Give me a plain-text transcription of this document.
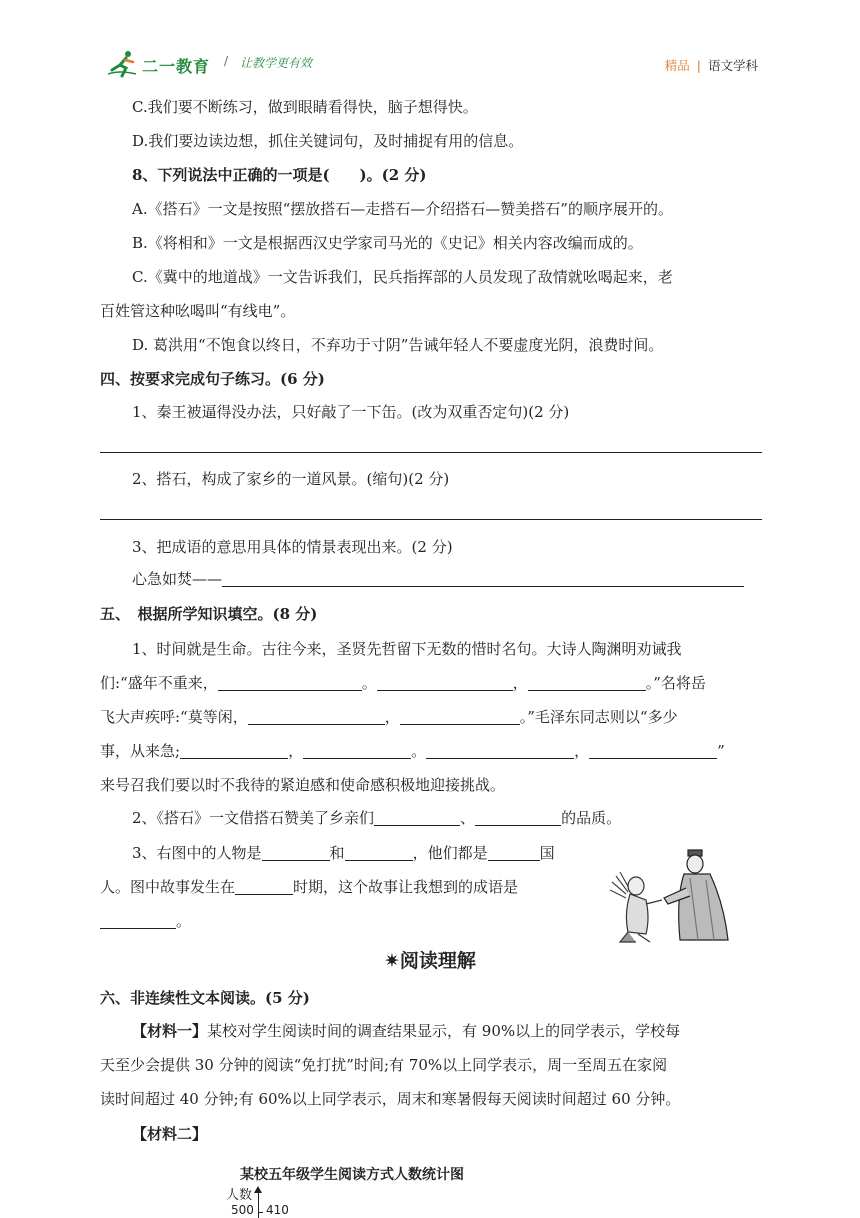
二一教育 / 让教学更有效	精品 | 语文学科
C.我们要不断练习，做到眼睛看得快，脑子想得快。
D.我们要边读边想，抓住关键词句，及时捕捉有用的信息。
8、下列说法中正确的一项是(　　)。(2 分)
A.《搭石》一文是按照“摆放搭石—走搭石—介绍搭石—赞美搭石”的顺序展开的。
B.《将相和》一文是根据西汉史学家司马光的《史记》相关内容改编而成的。
C.《冀中的地道战》一文告诉我们，民兵指挥部的人员发现了敌情就吆喝起来，老
百姓管这种吆喝叫“有线电”。
D. 葛洪用“不饱食以终日，不弃功于寸阴”告诫年轻人不要虚度光阴，浪费时间。
四、按要求完成句子练习。(6 分)
1、秦王被逼得没办法，只好敲了一下缶。(改为双重否定句)(2 分)
2、搭石，构成了家乡的一道风景。(缩句)(2 分)
3、把成语的意思用具体的情景表现出来。(2 分)
心急如焚——
五、　根据所学知识填空。(8 分)
1、时间就是生命。古往今来，圣贤先哲留下无数的惜时名句。大诗人陶渊明劝诫我
们:“盛年不重来，	。	，	。”名将岳
飞大声疾呼:“莫等闲，	，	。”毛泽东同志则以“多少
事，从来急;	，	。	，	”
来号召我们要以时不我待的紧迫感和使命感积极地迎接挑战。
2、《搭石》一文借搭石赞美了乡亲们	、	的品质。
3、右图中的人物是	和	，他们都是	国
人。图中故事发生在	时期，这个故事让我想到的成语是
。
✷阅读理解
六、非连续性文本阅读。(5 分)
【材料一】某校对学生阅读时间的调查结果显示，有 90%以上的同学表示，学校每
天至少会提供 30 分钟的阅读“免打扰”时间;有 70%以上同学表示，周一至周五在家阅
读时间超过 40 分钟;有 60%以上同学表示，周末和寒暑假每天阅读时间超过 60 分钟。
【材料二】
某校五年级学生阅读方式人数统计图
人数
500 410
